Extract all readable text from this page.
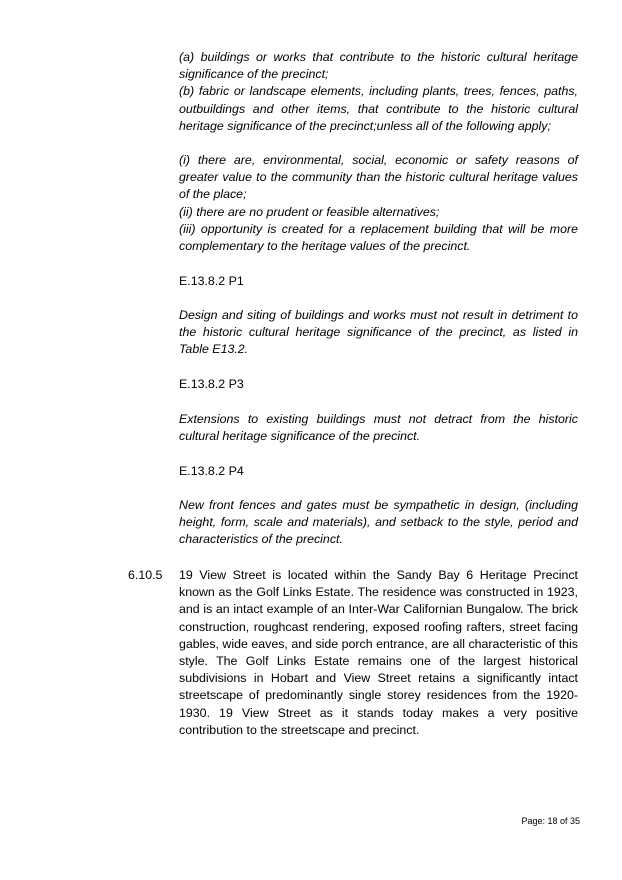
(a) buildings or works that contribute to the historic cultural heritage significance of the precinct;

(b) fabric or landscape elements, including plants, trees, fences, paths, outbuildings and other items, that contribute to the historic cultural heritage significance of the precinct;unless all of the following apply;

(i) there are, environmental, social, economic or safety reasons of greater value to the community than the historic cultural heritage values of the place;

(ii) there are no prudent or feasible alternatives;

(iii) opportunity is created for a replacement building that will be more complementary to the heritage values of the precinct.

E.13.8.2 P1

Design and siting of buildings and works must not result in detriment to the historic cultural heritage significance of the precinct, as listed in Table E13.2.

E.13.8.2 P3

Extensions to existing buildings must not detract from the historic cultural heritage significance of the precinct.

E.13.8.2 P4

New front fences and gates must be sympathetic in design, (including height, form, scale and materials), and setback to the style, period and characteristics of the precinct.

6.10.5 19 View Street is located within the Sandy Bay 6 Heritage Precinct known as the Golf Links Estate. The residence was constructed in 1923, and is an intact example of an Inter-War Californian Bungalow. The brick construction, roughcast rendering, exposed roofing rafters, street facing gables, wide eaves, and side porch entrance, are all characteristic of this style. The Golf Links Estate remains one of the largest historical subdivisions in Hobart and View Street retains a significantly intact streetscape of predominantly single storey residences from the 1920-1930. 19 View Street as it stands today makes a very positive contribution to the streetscape and precinct.

Page: 18 of 35
